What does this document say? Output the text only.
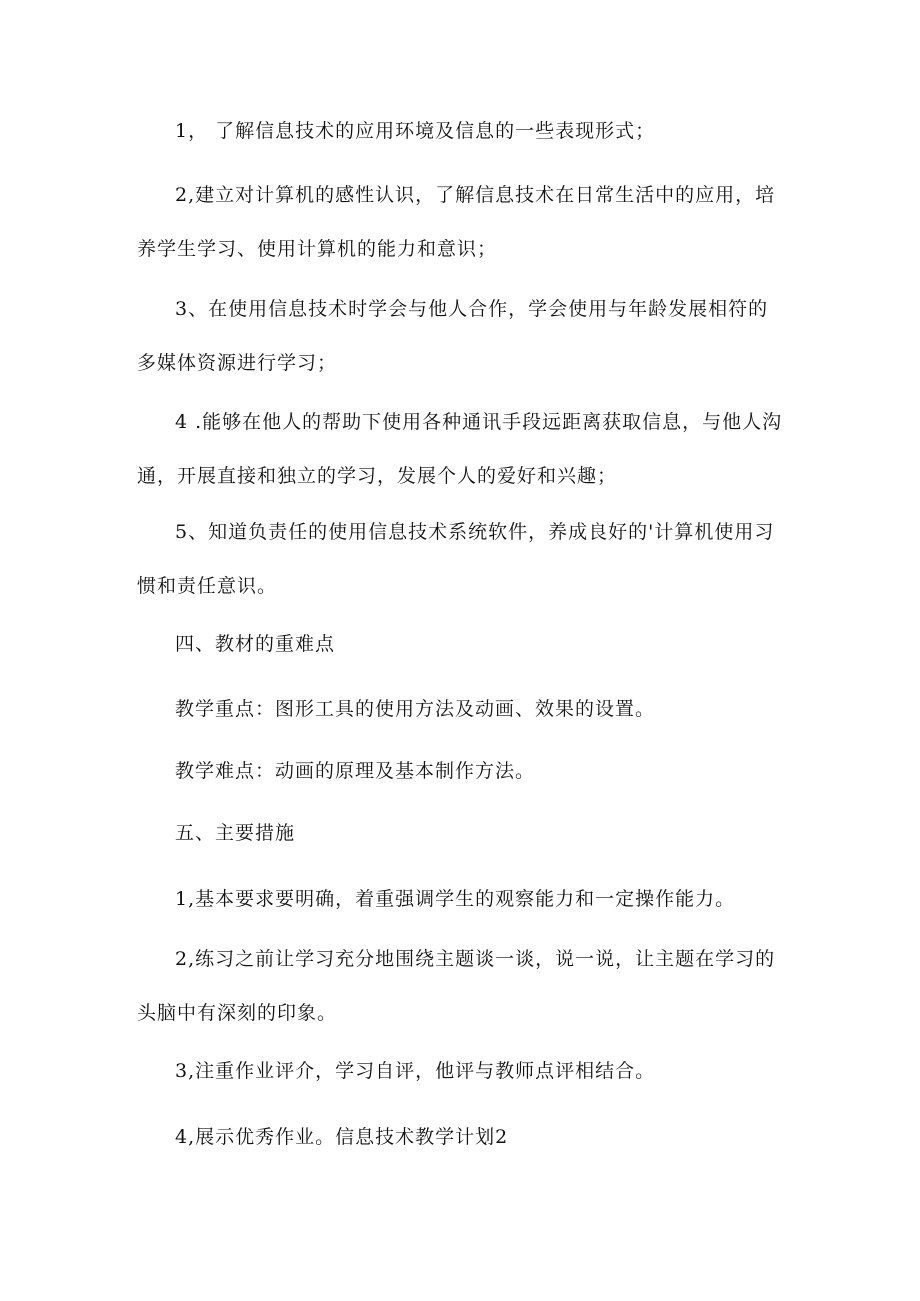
1， 了解信息技术的应用环境及信息的一些表现形式；

2,建立对计算机的感性认识，了解信息技术在日常生活中的应用，培养学生学习、使用计算机的能力和意识；

3、在使用信息技术时学会与他人合作，学会使用与年龄发展相符的多媒体资源进行学习；

4 .能够在他人的帮助下使用各种通讯手段远距离获取信息，与他人沟通，开展直接和独立的学习，发展个人的爱好和兴趣；

5、知道负责任的使用信息技术系统软件，养成良好的'计算机使用习惯和责任意识。

四、教材的重难点

教学重点：图形工具的使用方法及动画、效果的设置。

教学难点：动画的原理及基本制作方法。

五、主要措施

1,基本要求要明确，着重强调学生的观察能力和一定操作能力。

2,练习之前让学习充分地围绕主题谈一谈，说一说，让主题在学习的头脑中有深刻的印象。

3,注重作业评介，学习自评，他评与教师点评相结合。

4,展示优秀作业。信息技术教学计划2
